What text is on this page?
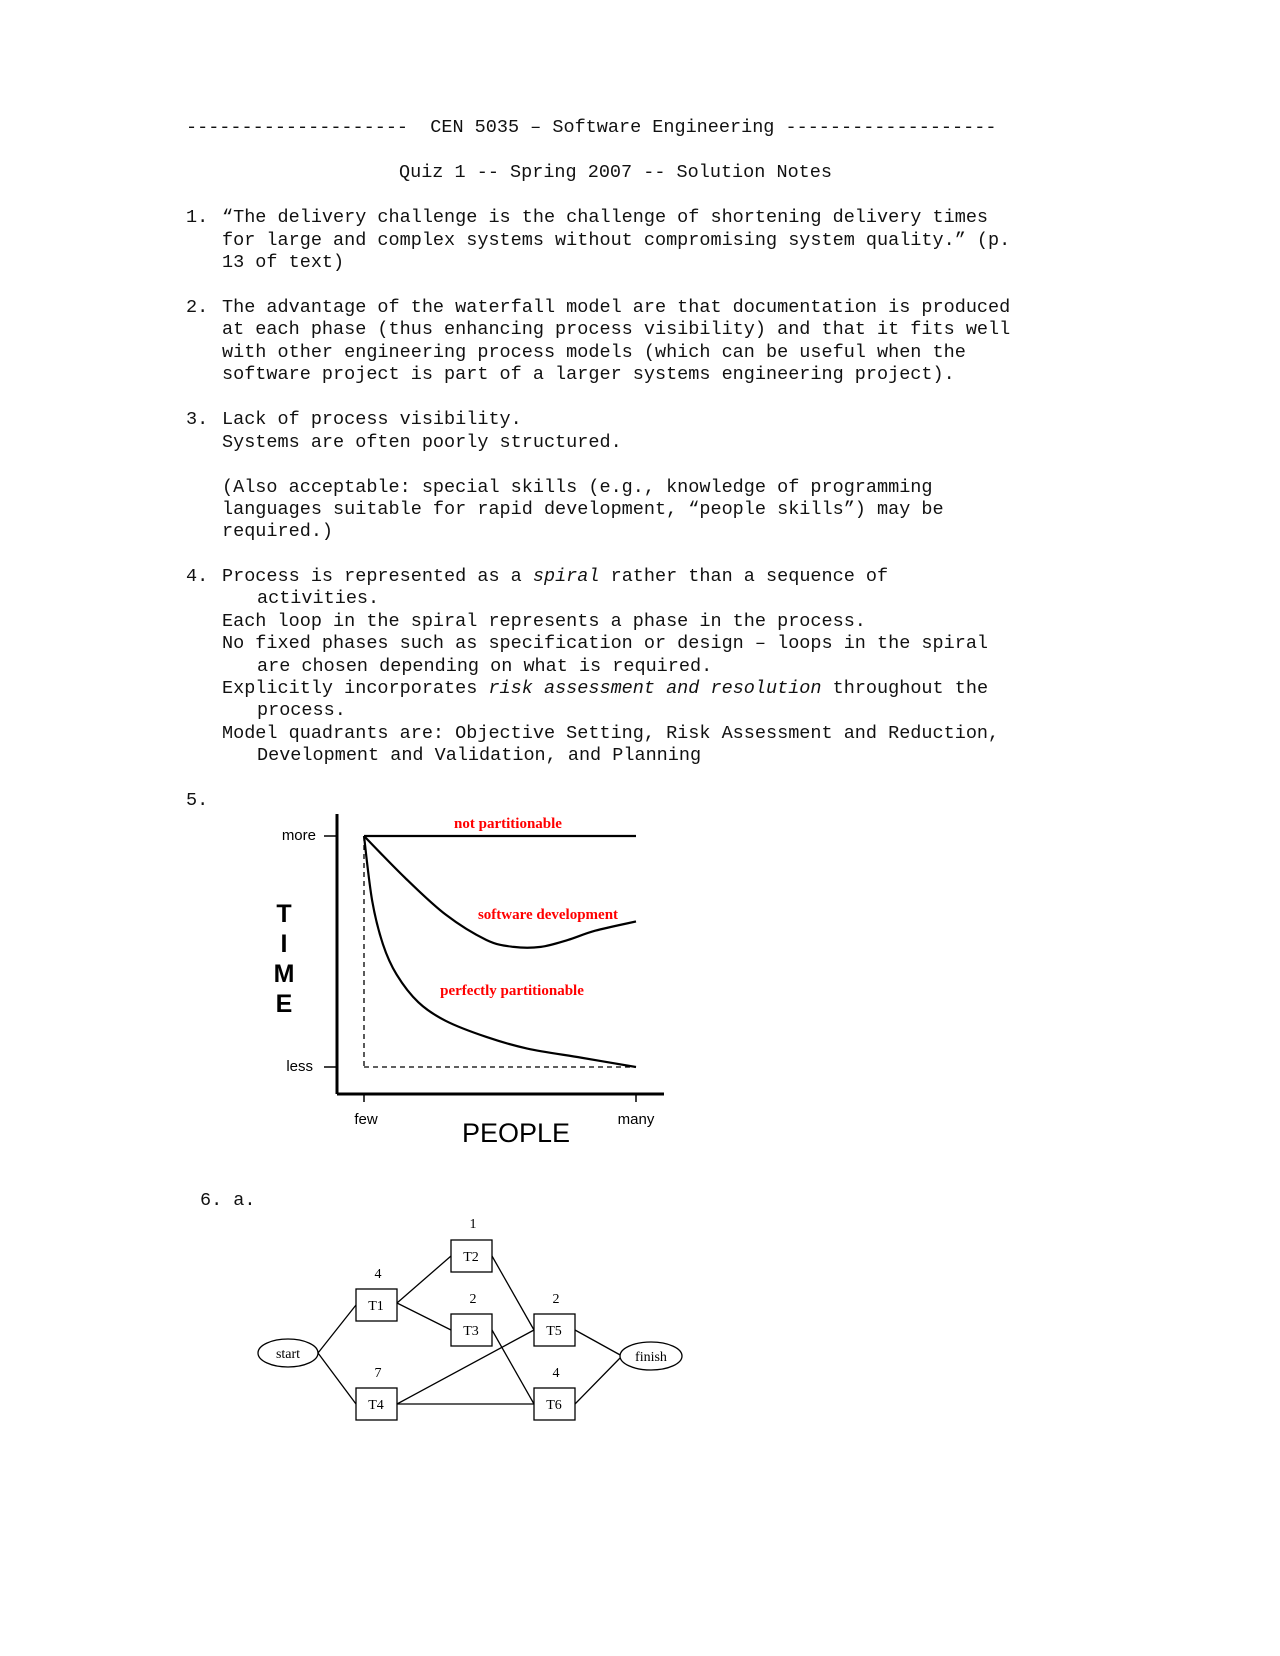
--------------------  CEN 5035 – Software Engineering -------------------
Quiz 1 -- Spring 2007 -- Solution Notes
1. “The delivery challenge is the challenge of shortening delivery times
for large and complex systems without compromising system quality.” (p.
13 of text)
2. The advantage of the waterfall model are that documentation is produced
at each phase (thus enhancing process visibility) and that it fits well
with other engineering process models (which can be useful when the
software project is part of a larger systems engineering project).
3. Lack of process visibility.
Systems are often poorly structured.
(Also acceptable: special skills (e.g., knowledge of programming
languages suitable for rapid development, “people skills”) may be
required.)
4. Process is represented as a spiral rather than a sequence of
activities.
Each loop in the spiral represents a phase in the process.
No fixed phases such as specification or design – loops in the spiral
are chosen depending on what is required.
Explicitly incorporates risk assessment and resolution throughout the
process.
Model quadrants are: Objective Setting, Risk Assessment and Reduction,
Development and Validation, and Planning
5.
more
less
few	many
PEOPLE
T
I
M
E
not partitionable
software development
perfectly partitionable
6. a.
start	finish
T1
4
T2
1
T3
2
T4
7
T5
2
T6
4
